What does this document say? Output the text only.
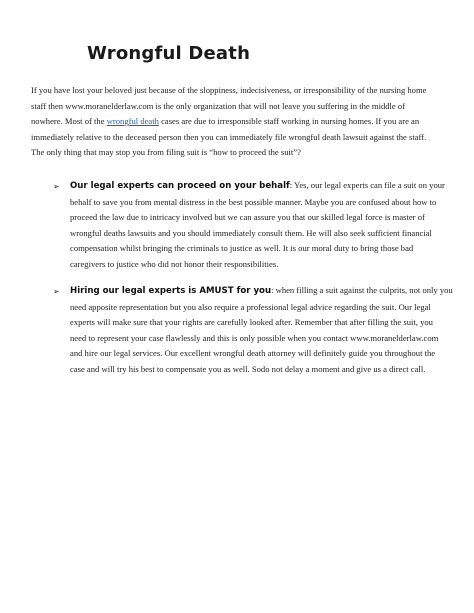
Wrongful Death
If you have lost your beloved just because of the sloppiness, indecisiveness, or irresponsibility of the nursing home
staff then www.moranelderlaw.com is the only organization that will not leave you suffering in the middle of
nowhere. Most of the wrongful death cases are due to irresponsible staff working in nursing homes. If you are an
immediately relative to the deceased person then you can immediately file wrongful death lawsuit against the staff.
The only thing that may stop you from filing suit is “how to proceed the suit”?
➢ Our legal experts can proceed on your behalf: Yes, our legal experts can file a suit on your
behalf to save you from mental distress in the best possible manner. Maybe you are confused about how to
proceed the law due to intricacy involved but we can assure you that our skilled legal force is master of
wrongful deaths lawsuits and you should immediately consult them. He will also seek sufficient financial
compensation whilst bringing the criminals to justice as well. It is our moral duty to bring those bad
caregivers to justice who did not honor their responsibilities.
➢ Hiring our legal experts is AMUST for you: when filling a suit against the culprits, not only you
need apposite representation but you also require a professional legal advice regarding the suit. Our legal
experts will make sure that your rights are carefully looked after. Remember that after filling the suit, you
need to represent your case flawlessly and this is only possible when you contact www.moranelderlaw.com
and hire our legal services. Our excellent wrongful death attorney will definitely guide you throughout the
case and will try his best to compensate you as well. Sodo not delay a moment and give us a direct call.
